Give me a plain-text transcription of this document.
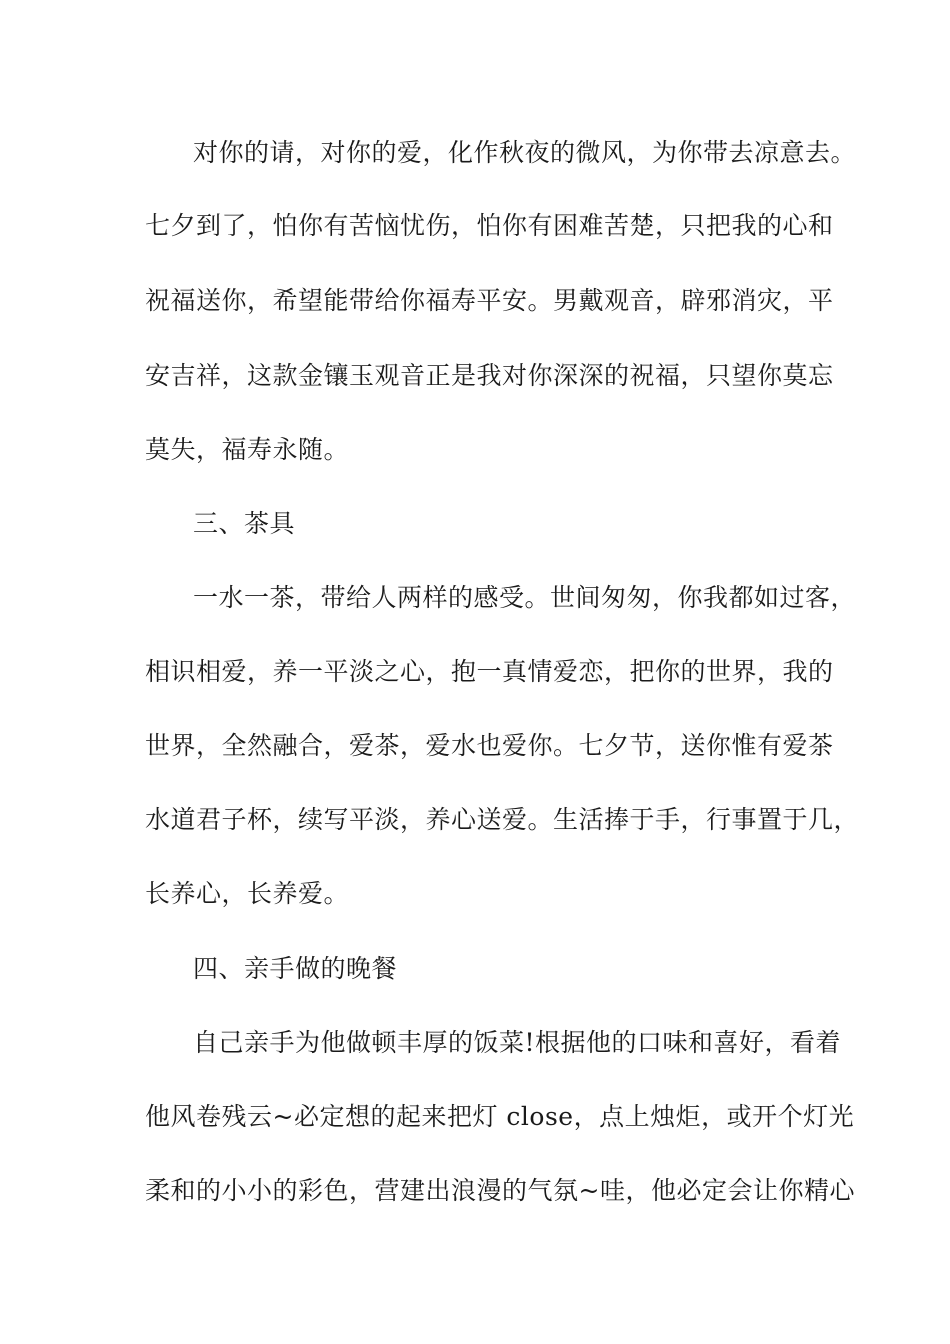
对你的请，对你的爱，化作秋夜的微风，为你带去凉意去。
七夕到了，怕你有苦恼忧伤，怕你有困难苦楚，只把我的心和
祝福送你，希望能带给你福寿平安。男戴观音，辟邪消灾，平
安吉祥，这款金镶玉观音正是我对你深深的祝福，只望你莫忘
莫失，福寿永随。
三、茶具
一水一茶，带给人两样的感受。世间匆匆，你我都如过客，
相识相爱，养一平淡之心，抱一真情爱恋，把你的世界，我的
世界，全然融合，爱茶，爱水也爱你。七夕节，送你惟有爱茶
水道君子杯，续写平淡，养心送爱。生活捧于手，行事置于几，
长养心，长养爱。
四、亲手做的晚餐
自己亲手为他做顿丰厚的饭菜!根据他的口味和喜好，看着
他风卷残云~必定想的起来把灯 close，点上烛炬，或开个灯光
柔和的小小的彩色，营建出浪漫的气氛~哇，他必定会让你精心
